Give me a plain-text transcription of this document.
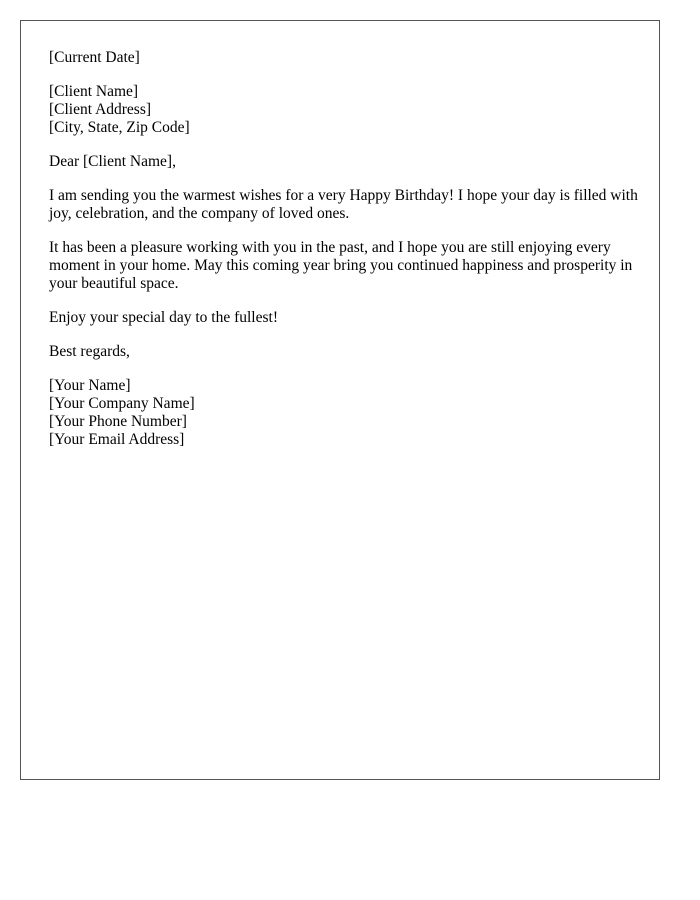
[Current Date]
[Client Name]
[Client Address]
[City, State, Zip Code]
Dear [Client Name],

I am sending you the warmest wishes for a very Happy Birthday! I hope your day is filled with joy, celebration, and the company of loved ones.

It has been a pleasure working with you in the past, and I hope you are still enjoying every moment in your home. May this coming year bring you continued happiness and prosperity in your beautiful space.

Enjoy your special day to the fullest!

Best regards,
[Your Name]
[Your Company Name]
[Your Phone Number]
[Your Email Address]
